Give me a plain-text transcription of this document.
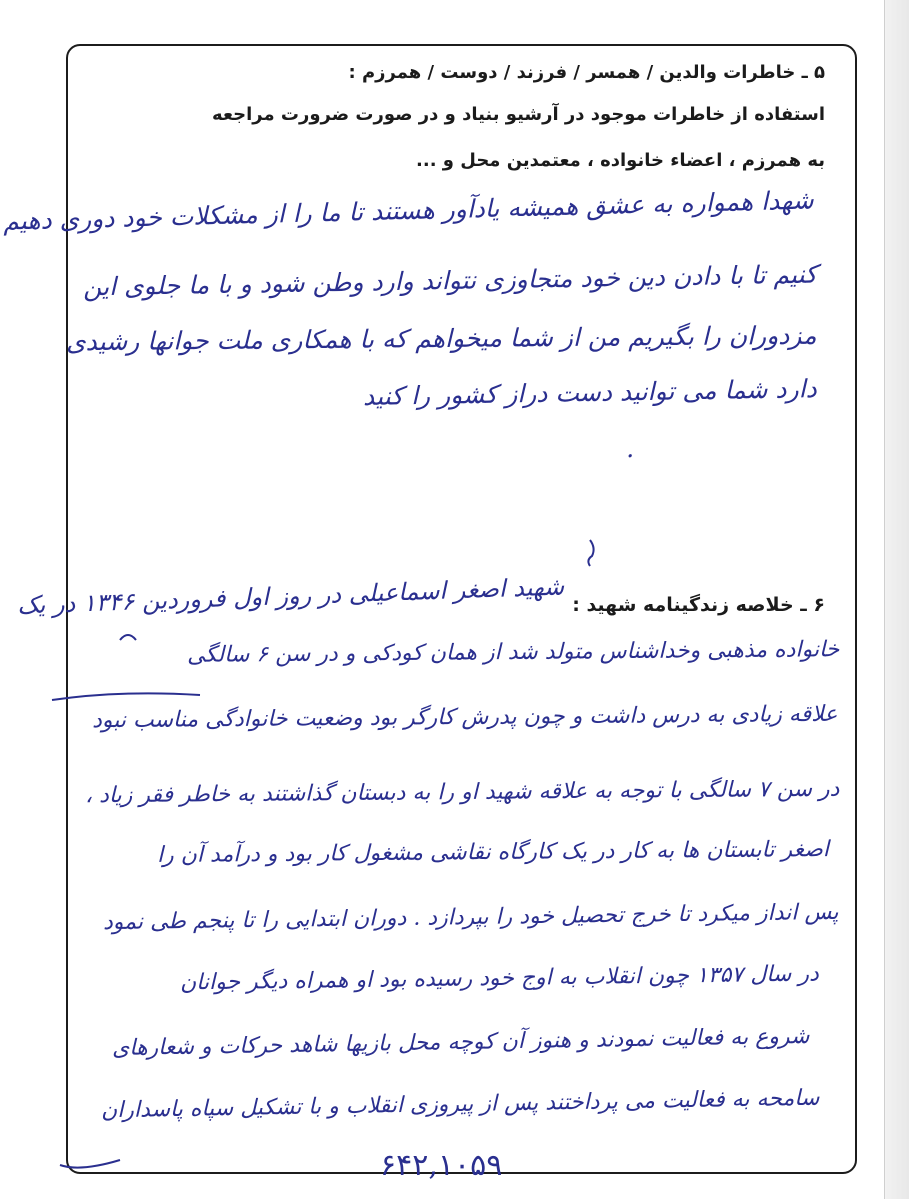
۵ ـ خاطرات والدین / همسر / فرزند / دوست / همرزم :
استفاده از خاطرات موجود در آرشیو بنیاد و در صورت ضرورت مراجعه
به همرزم ، اعضاء خانواده ، معتمدین محل و ...
شهدا همواره به عشق همیشه یادآور هستند تا ما را از مشکلات خود دوری دهیم
کنیم تا با دادن دین خود متجاوزی نتواند وارد وطن شود و با ما جلوی این
مزدوران را بگیریم من از شما میخواهم که با همکاری ملت جوانها رشیدی
دارد شما می توانید دست دراز کشور را کنید
.
۶ ـ خلاصه زندگینامه شهید :
شهید اصغر اسماعیلی در روز اول فروردین ۱۳۴۶ در یک
خانواده مذهبی وخداشناس متولد شد از همان کودکی و در سن ۶ سالگی
علاقه زیادی به درس داشت و چون پدرش کارگر بود وضعیت خانوادگی مناسب نبود
در سن ۷ سالگی با توجه به علاقه شهید او را به دبستان گذاشتند به خاطر فقر زیاد ،
اصغر تابستان ها به کار در یک کارگاه نقاشی مشغول کار بود و درآمد آن را
پس انداز میکرد تا خرج تحصیل خود را بپردازد . دوران ابتدایی را تا پنجم طی نمود
در سال ۱۳۵۷ چون انقلاب به اوج خود رسیده بود او همراه دیگر جوانان
شروع به فعالیت نمودند و هنوز آن کوچه محل بازیها شاهد حرکات و شعارهای
سامحه به فعالیت می پرداختند پس از پیروزی انقلاب و با تشکیل سپاه پاسداران
۶۴۲,۱۰۵۹
